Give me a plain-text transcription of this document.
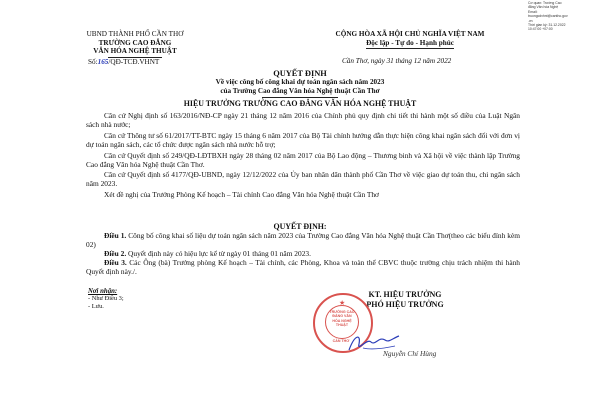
UBND THÀNH PHỐ CẦN THƠ
TRƯỜNG CAO ĐẲNG
VĂN HÓA NGHỆ THUẬT
Số:165/QĐ-TCĐ.VHNT
CỘNG HÒA XÃ HỘI CHỦ NGHĨA VIỆT NAM
Độc lập - Tự do - Hạnh phúc
Cần Thơ, ngày 31 tháng 12 năm 2022
Cơ quan: Trường Cao
đẳng Văn hóa Nghệ
Email:
truongcdvhnt@cantho.gov
.vn
Thời gian ký: 31.12.2022
10:47:00 +07:00
QUYẾT ĐỊNH
Về việc công bố công khai dự toán ngân sách năm 2023
của Trường Cao đẳng Văn hóa Nghệ thuật Cần Thơ
HIỆU TRƯỞNG TRƯỜNG CAO ĐẲNG VĂN HÓA NGHỆ THUẬT
Căn cứ Nghị định số 163/2016/NĐ-CP ngày 21 tháng 12 năm 2016 của Chính phủ quy định chi tiết thi hành một số điều của Luật Ngân sách nhà nước;
Căn cứ Thông tư số 61/2017/TT-BTC ngày 15 tháng 6 năm 2017 của Bộ Tài chính hướng dẫn thực hiện công khai ngân sách đối với đơn vị dự toán ngân sách, các tổ chức được ngân sách nhà nước hỗ trợ;
Căn cứ Quyết định số 249/QĐ-LĐTBXH ngày 28 tháng 02 năm 2017 của Bộ Lao động – Thương binh và Xã hội về việc thành lập Trường Cao đẳng Văn hóa Nghệ thuật Cần Thơ.
Căn cứ Quyết định số 4177/QĐ-UBND, ngày 12/12/2022 của Ủy ban nhân dân thành phố Cần Thơ về việc giao dự toán thu, chi ngân sách năm 2023.
Xét đề nghị của Trưởng Phòng Kế hoạch – Tài chính Cao đẳng Văn hóa Nghệ thuật Cần Thơ
QUYẾT ĐỊNH:
Điều 1. Công bố công khai số liệu dự toán ngân sách năm 2023 của Trường Cao đẳng Văn hóa Nghệ thuật Cần Thơ(theo các biểu đính kèm 02)
Điều 2. Quyết định này có hiệu lực kể từ ngày 01 tháng 01 năm 2023.
Điều 3. Các Ông (bà) Trưởng phòng Kế hoạch – Tài chính, các Phòng, Khoa và toàn thể CBVC thuộc trường chịu trách nhiệm thi hành Quyết định này./.
Nơi nhận:
- Như Điều 3;
- Lưu.
KT. HIỆU TRƯỞNG
PHÓ HIỆU TRƯỞNG
★
TRƯỜNG CAO ĐẲNG VĂN HÓA NGHỆ THUẬT
CẦN THƠ
Nguyễn Chí Hùng
